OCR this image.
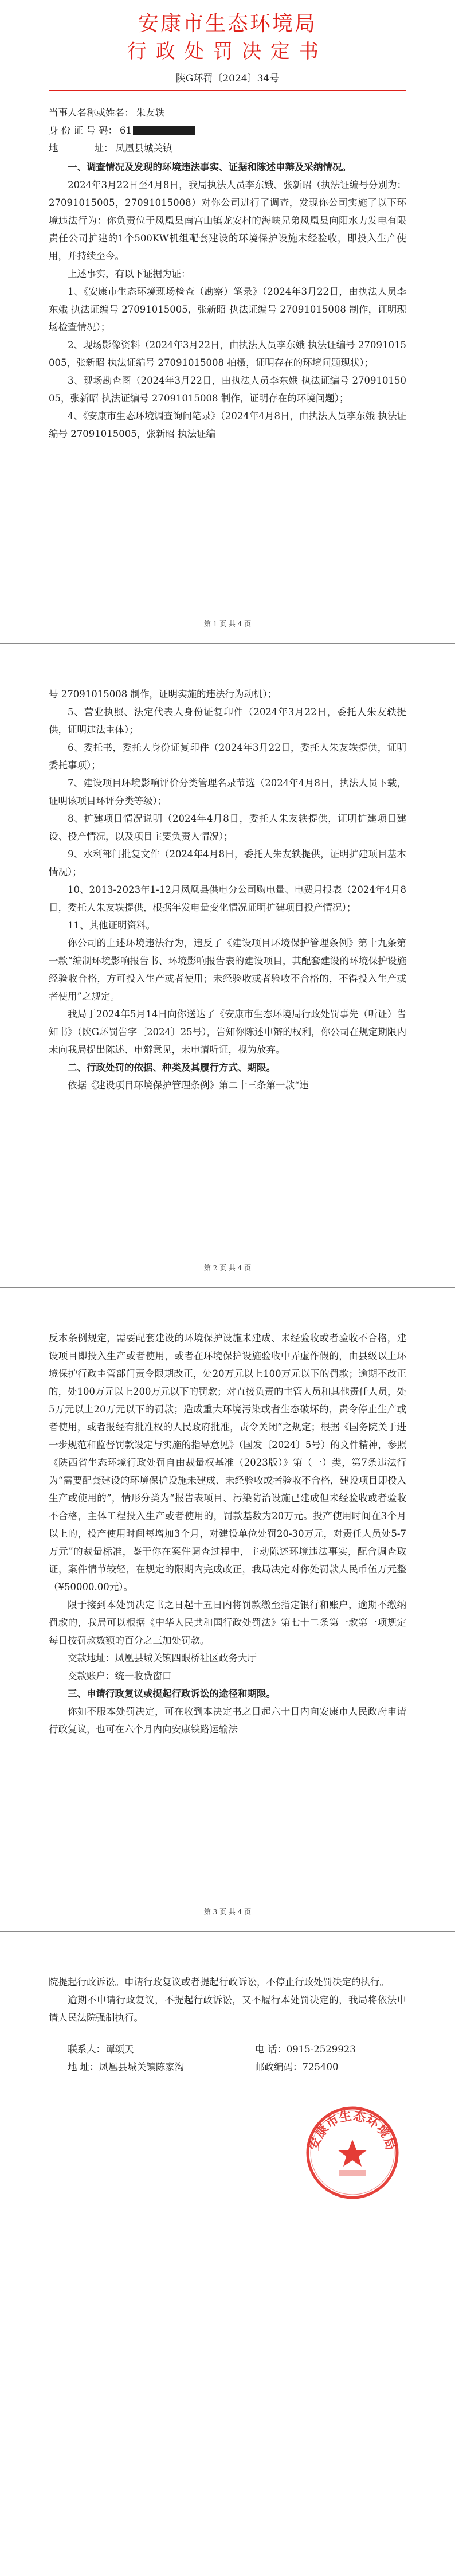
安康市生态环境局
行政处罚决定书
陕G环罚〔2024〕34号
当事人名称或姓名： 朱友轶
身 份 证 号 码： 61
地            址： 凤凰县城关镇
一、调查情况及发现的环境违法事实、证据和陈述申辩及采纳情况。
2024年3月22日至4月8日，我局执法人员李东娥、张新昭（执法证编号分别为：27091015005，27091015008）对你公司进行了调查，发现你公司实施了以下环境违法行为：你负责位于凤凰县南宫山镇龙安村的海峡兄弟凤凰县向阳水力发电有限责任公司扩建的1个500KW机组配套建设的环境保护设施未经验收，即投入生产使用，并持续至今。
上述事实，有以下证据为证：
1、《安康市生态环境现场检查（勘察）笔录》（2024年3月22日，由执法人员李东娥 执法证编号 27091015005，张新昭 执法证编号 27091015008 制作，证明现场检查情况）；
2、现场影像资料（2024年3月22日，由执法人员李东娥 执法证编号 27091015005，张新昭 执法证编号 27091015008 拍摄，证明存在的环境问题现状）；
3、现场勘查图（2024年3月22日，由执法人员李东娥 执法证编号 27091015005，张新昭 执法证编号 27091015008 制作，证明存在的环境问题）；
4、《安康市生态环境调查询问笔录》（2024年4月8日，由执法人员李东娥 执法证编号 27091015005，张新昭 执法证编
第 1 页 共 4 页
号 27091015008 制作，证明实施的违法行为动机）；
5、营业执照、法定代表人身份证复印件（2024年3月22日，委托人朱友轶提供，证明违法主体）；
6、委托书，委托人身份证复印件（2024年3月22日，委托人朱友轶提供，证明委托事项）；
7、建设项目环境影响评价分类管理名录节选（2024年4月8日，执法人员下载，证明该项目环评分类等级）；
8、扩建项目情况说明（2024年4月8日，委托人朱友轶提供，证明扩建项目建设、投产情况，以及项目主要负责人情况）；
9、水利部门批复文件（2024年4月8日，委托人朱友轶提供，证明扩建项目基本情况）；
10、2013-2023年1-12月凤凰县供电分公司购电量、电费月报表（2024年4月8日，委托人朱友轶提供，根据年发电量变化情况证明扩建项目投产情况）；
11、其他证明资料。
你公司的上述环境违法行为，违反了《建设项目环境保护管理条例》第十九条第一款“编制环境影响报告书、环境影响报告表的建设项目，其配套建设的环境保护设施经验收合格，方可投入生产或者使用；未经验收或者验收不合格的，不得投入生产或者使用”之规定。
我局于2024年5月14日向你送达了《安康市生态环境局行政处罚事先（听证）告知书》（陕G环罚告字〔2024〕25号），告知你陈述申辩的权利，你公司在规定期限内未向我局提出陈述、申辩意见，未申请听证，视为放弃。
二、行政处罚的依据、种类及其履行方式、期限。
依据《建设项目环境保护管理条例》第二十三条第一款“违
第 2 页 共 4 页
反本条例规定，需要配套建设的环境保护设施未建成、未经验收或者验收不合格，建设项目即投入生产或者使用，或者在环境保护设施验收中弄虚作假的，由县级以上环境保护行政主管部门责令限期改正，处20万元以上100万元以下的罚款；逾期不改正的，处100万元以上200万元以下的罚款；对直接负责的主管人员和其他责任人员，处5万元以上20万元以下的罚款；造成重大环境污染或者生态破坏的，责令停止生产或者使用，或者报经有批准权的人民政府批准，责令关闭”之规定；根据《国务院关于进一步规范和监督罚款设定与实施的指导意见》（国发〔2024〕5号）的文件精神，参照《陕西省生态环境行政处罚自由裁量权基准（2023版）》第（一）类，第7条违法行为“需要配套建设的环境保护设施未建成、未经验收或者验收不合格，建设项目即投入生产或使用的”，情形分类为“报告表项目、污染防治设施已建成但未经验收或者验收不合格，主体工程投入生产或者使用的，罚款基数为20万元。投产使用时间在3个月以上的，投产使用时间每增加3个月，对建设单位处罚20-30万元，对责任人员处5-7万元”的裁量标准，鉴于你在案件调查过程中，主动陈述环境违法事实，配合调查取证，案件情节较轻，在规定的限期内完成改正，我局决定对你处罚款人民币伍万元整（¥50000.00元）。
限于接到本处罚决定书之日起十五日内将罚款缴至指定银行和账户，逾期不缴纳罚款的，我局可以根据《中华人民共和国行政处罚法》第七十二条第一款第一项规定每日按罚款数额的百分之三加处罚款。
交款地址：凤凰县城关镇四眼桥社区政务大厅
交款账户：统一收费窗口
三、申请行政复议或提起行政诉讼的途径和期限。
你如不服本处罚决定，可在收到本决定书之日起六十日内向安康市人民政府申请行政复议，也可在六个月内向安康铁路运输法
第 3 页 共 4 页
院提起行政诉讼。申请行政复议或者提起行政诉讼，不停止行政处罚决定的执行。
逾期不申请行政复议，不提起行政诉讼，又不履行本处罚决定的，我局将依法申请人民法院强制执行。
联系人：谭颂天	电 话：0915-2529923
地 址：凤凰县城关镇陈家沟	邮政编码：725400
安康市生态环境局
